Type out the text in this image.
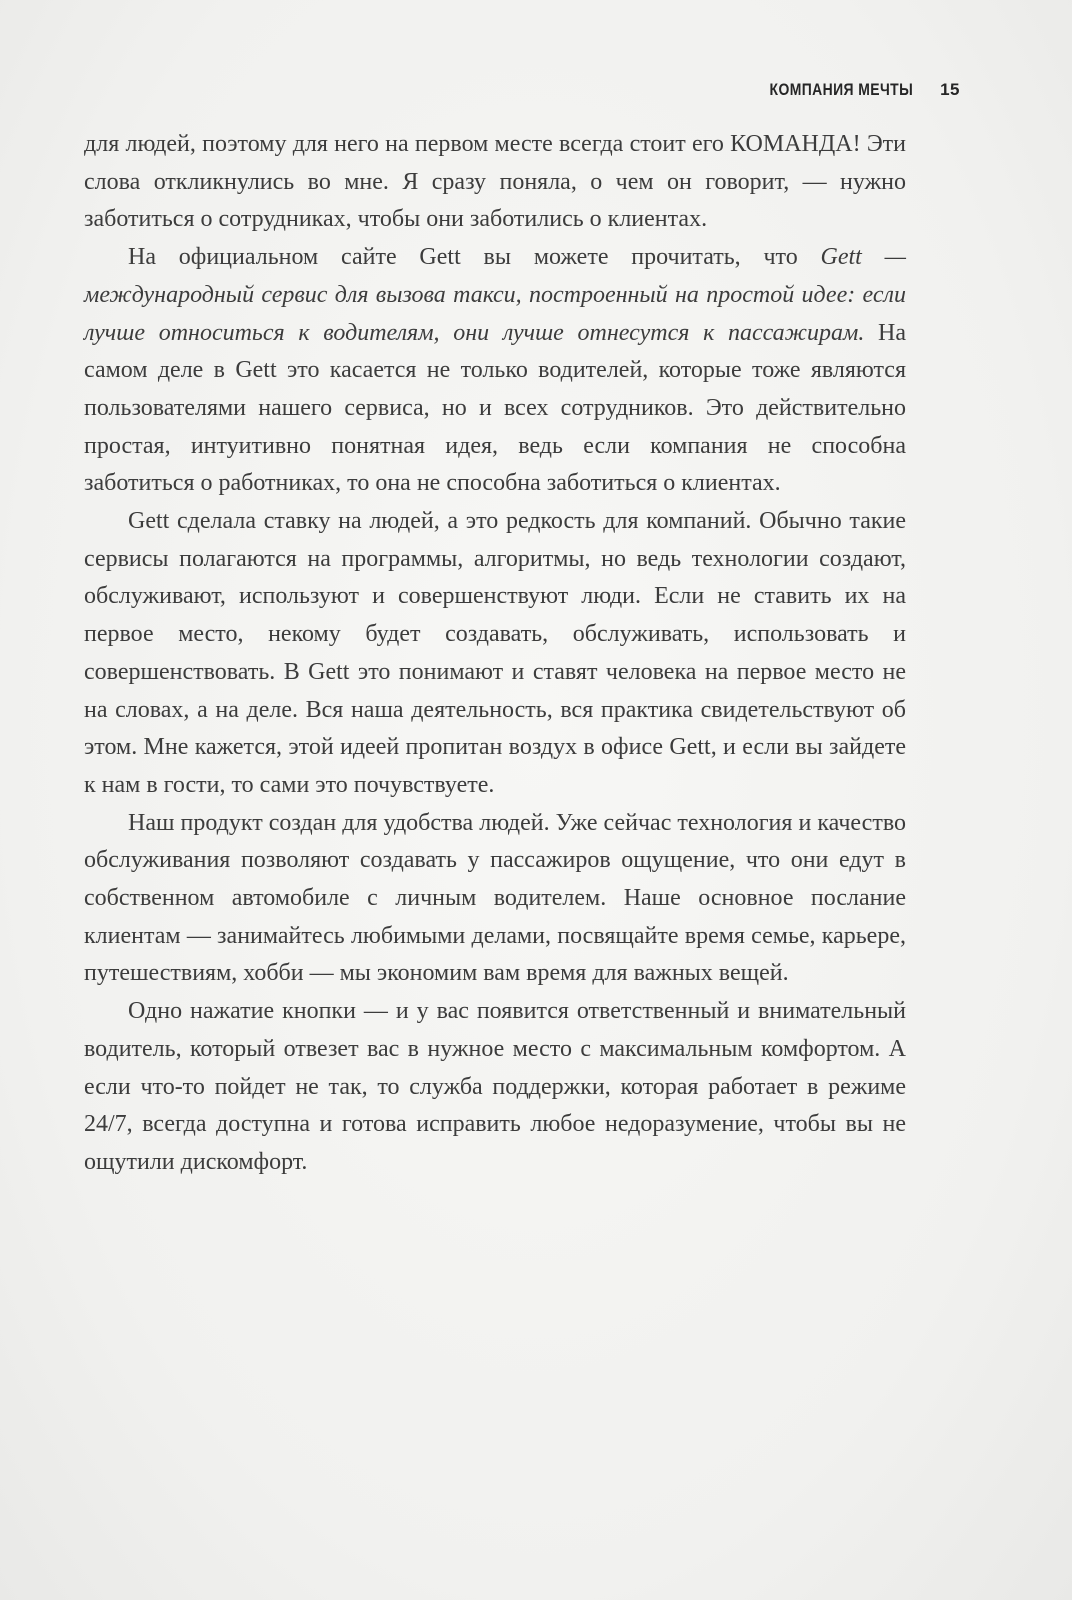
КОМПАНИЯ МЕЧТЫ 15

для людей, поэтому для него на первом месте всегда стоит его КОМАНДА! Эти слова откликнулись во мне. Я сразу поняла, о чем он говорит, — нужно заботиться о сотрудниках, чтобы они заботились о клиентах.

На официальном сайте Gett вы можете прочитать, что Gett — международный сервис для вызова такси, построенный на простой идее: если лучше относиться к водителям, они лучше отнесутся к пассажирам. На самом деле в Gett это касается не только водителей, которые тоже являются пользователями нашего сервиса, но и всех сотрудников. Это действительно простая, интуитивно понятная идея, ведь если компания не способна заботиться о работниках, то она не способна заботиться о клиентах.

Gett сделала ставку на людей, а это редкость для компаний. Обычно такие сервисы полагаются на программы, алгоритмы, но ведь технологии создают, обслуживают, используют и совершенствуют люди. Если не ставить их на первое место, некому будет создавать, обслуживать, использовать и совершенствовать. В Gett это понимают и ставят человека на первое место не на словах, а на деле. Вся наша деятельность, вся практика свидетельствуют об этом. Мне кажется, этой идеей пропитан воздух в офисе Gett, и если вы зайдете к нам в гости, то сами это почувствуете.

Наш продукт создан для удобства людей. Уже сейчас технология и качество обслуживания позволяют создавать у пассажиров ощущение, что они едут в собственном автомобиле с личным водителем. Наше основное послание клиентам — занимайтесь любимыми делами, посвящайте время семье, карьере, путешествиям, хобби — мы экономим вам время для важных вещей.

Одно нажатие кнопки — и у вас появится ответственный и внимательный водитель, который отвезет вас в нужное место с максимальным комфортом. А если что-то пойдет не так, то служба поддержки, которая работает в режиме 24/7, всегда доступна и готова исправить любое недоразумение, чтобы вы не ощутили дискомфорт.
